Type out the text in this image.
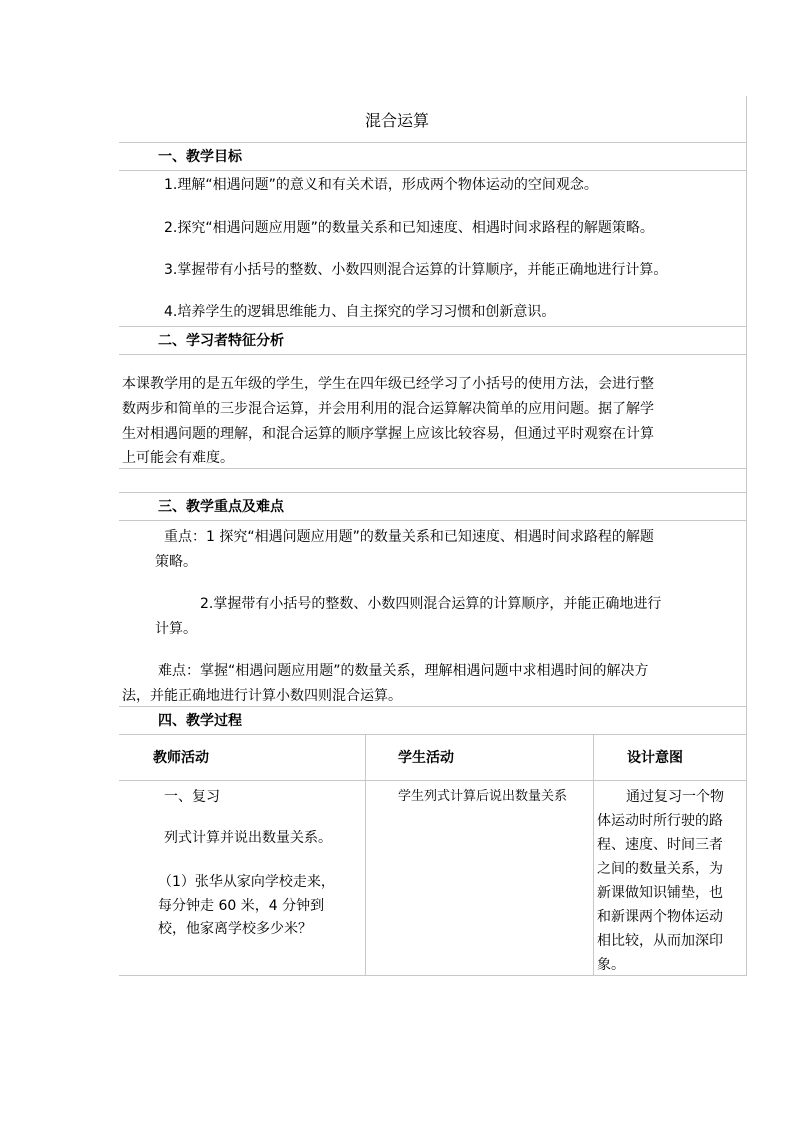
混合运算
一、教学目标
1.理解“相遇问题”的意义和有关术语，形成两个物体运动的空间观念。
2.探究“相遇问题应用题”的数量关系和已知速度、相遇时间求路程的解题策略。
3.掌握带有小括号的整数、小数四则混合运算的计算顺序，并能正确地进行计算。
4.培养学生的逻辑思维能力、自主探究的学习习惯和创新意识。
二、学习者特征分析
本课教学用的是五年级的学生，学生在四年级已经学习了小括号的使用方法，会进行整
数两步和简单的三步混合运算，并会用利用的混合运算解决简单的应用问题。据了解学
生对相遇问题的理解，和混合运算的顺序掌握上应该比较容易，但通过平时观察在计算
上可能会有难度。
三、教学重点及难点
重点：1 探究“相遇问题应用题”的数量关系和已知速度、相遇时间求路程的解题
策略。
2.掌握带有小括号的整数、小数四则混合运算的计算顺序，并能正确地进行
计算。
难点：掌握“相遇问题应用题”的数量关系，理解相遇问题中求相遇时间的解决方
法，并能正确地进行计算小数四则混合运算。
四、教学过程
教师活动	学生活动	设计意图
一、复习
列式计算并说出数量关系。
（1）张华从家向学校走来，
每分钟走 60 米，4 分钟到
校，他家离学校多少米？
学生列式计算后说出数量关系	通过复习一个物
体运动时所行驶的路
程、速度、时间三者
之间的数量关系，为
新课做知识铺垫，也
和新课两个物体运动
相比较，从而加深印
象。
